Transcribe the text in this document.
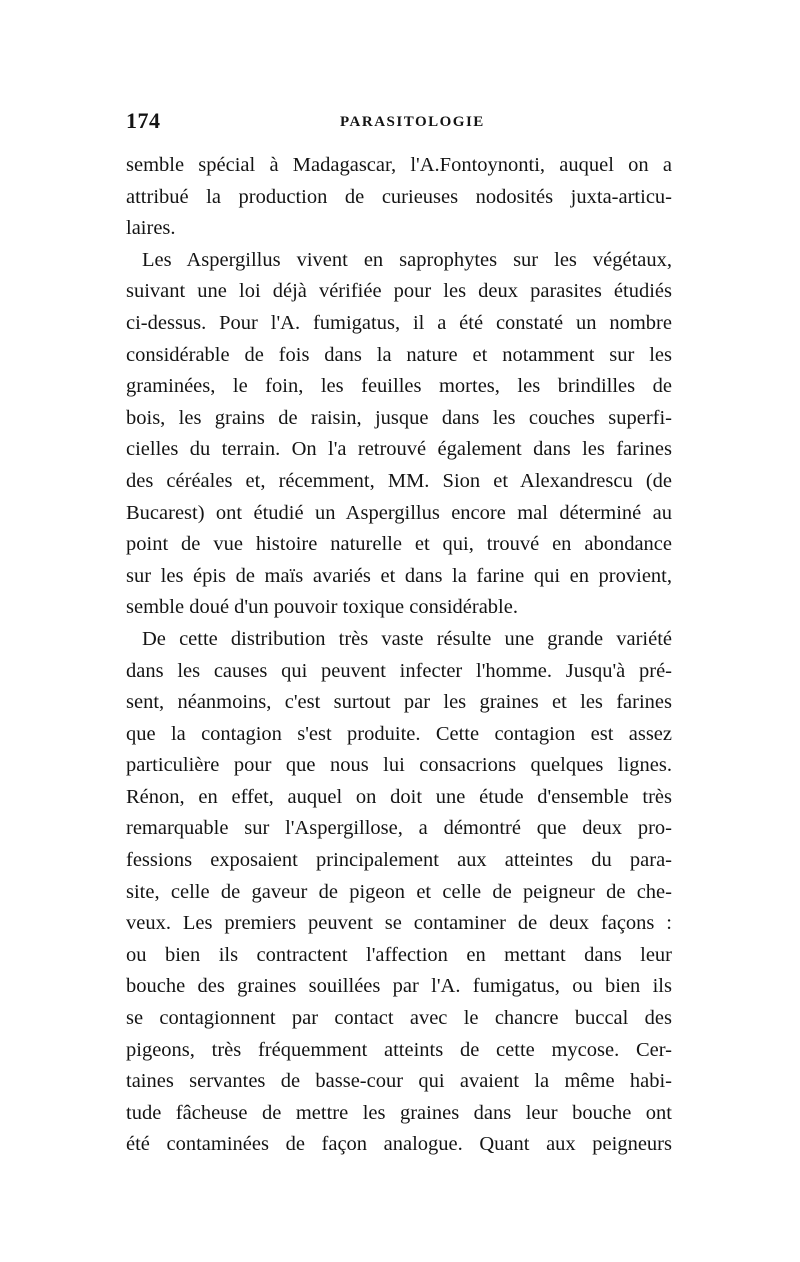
174	PARASITOLOGIE
semble spécial à Madagascar, l'A.Fontoynonti, auquel on a
attribué la production de curieuses nodosités juxta-articu-
laires.
Les Aspergillus vivent en saprophytes sur les végétaux,
suivant une loi déjà vérifiée pour les deux parasites étudiés
ci-dessus. Pour l'A. fumigatus, il a été constaté un nombre
considérable de fois dans la nature et notamment sur les
graminées, le foin, les feuilles mortes, les brindilles de
bois, les grains de raisin, jusque dans les couches superfi-
cielles du terrain. On l'a retrouvé également dans les farines
des céréales et, récemment, MM. Sion et Alexandrescu (de
Bucarest) ont étudié un Aspergillus encore mal déterminé au
point de vue histoire naturelle et qui, trouvé en abondance
sur les épis de maïs avariés et dans la farine qui en provient,
semble doué d'un pouvoir toxique considérable.
De cette distribution très vaste résulte une grande variété
dans les causes qui peuvent infecter l'homme. Jusqu'à pré-
sent, néanmoins, c'est surtout par les graines et les farines
que la contagion s'est produite. Cette contagion est assez
particulière pour que nous lui consacrions quelques lignes.
Rénon, en effet, auquel on doit une étude d'ensemble très
remarquable sur l'Aspergillose, a démontré que deux pro-
fessions exposaient principalement aux atteintes du para-
site, celle de gaveur de pigeon et celle de peigneur de che-
veux. Les premiers peuvent se contaminer de deux façons :
ou bien ils contractent l'affection en mettant dans leur
bouche des graines souillées par l'A. fumigatus, ou bien ils
se contagionnent par contact avec le chancre buccal des
pigeons, très fréquemment atteints de cette mycose. Cer-
taines servantes de basse-cour qui avaient la même habi-
tude fâcheuse de mettre les graines dans leur bouche ont
été contaminées de façon analogue. Quant aux peigneurs
